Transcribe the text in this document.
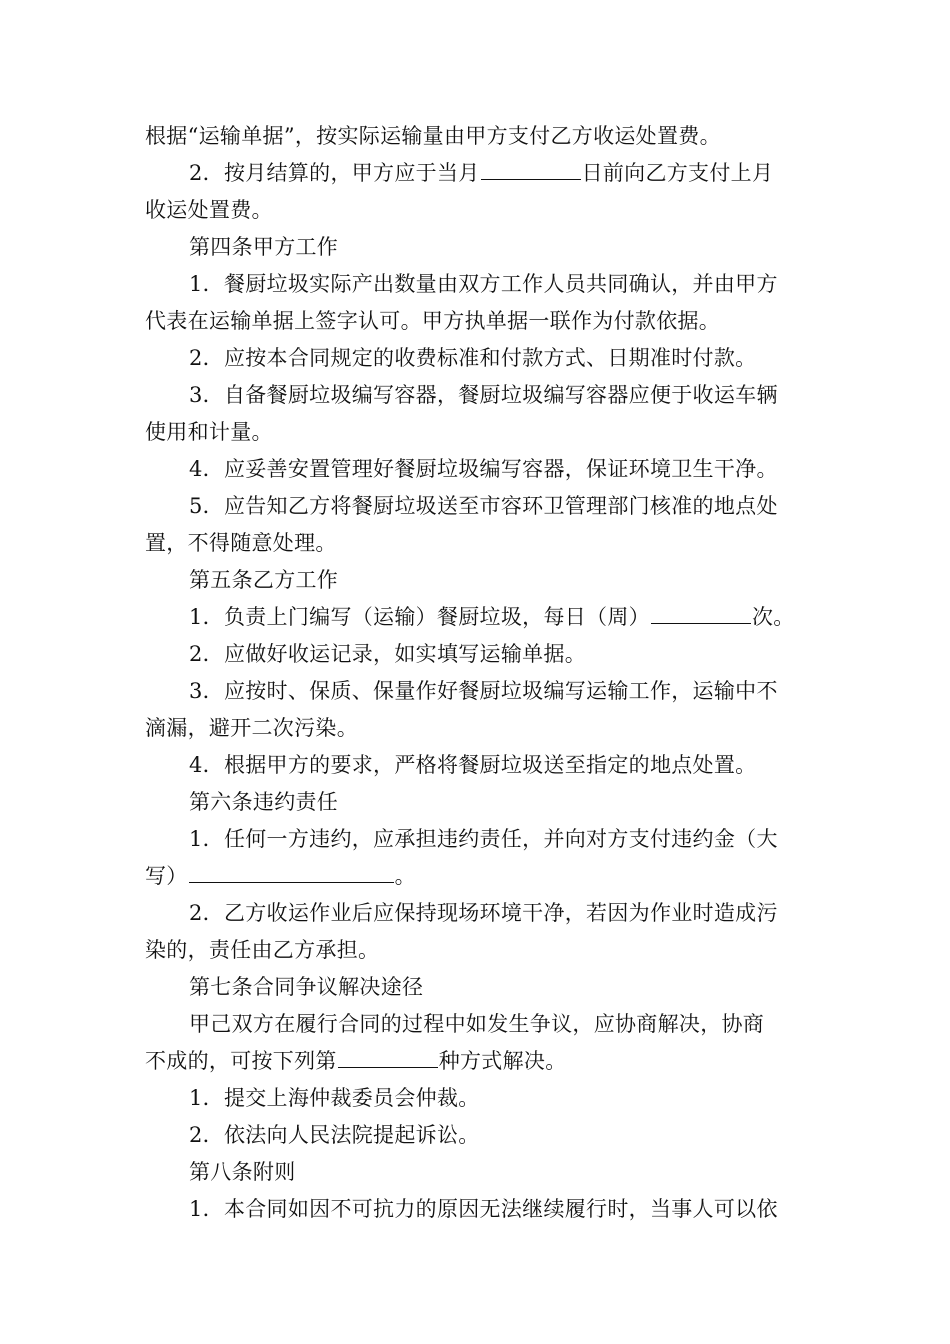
根据“运输单据”，按实际运输量由甲方支付乙方收运处置费。
2．按月结算的，甲方应于当月	日前向乙方支付上月
收运处置费。
第四条甲方工作
1．餐厨垃圾实际产出数量由双方工作人员共同确认，并由甲方
代表在运输单据上签字认可。甲方执单据一联作为付款依据。
2．应按本合同规定的收费标准和付款方式、日期准时付款。
3．自备餐厨垃圾编写容器，餐厨垃圾编写容器应便于收运车辆
使用和计量。
4．应妥善安置管理好餐厨垃圾编写容器，保证环境卫生干净。
5．应告知乙方将餐厨垃圾送至市容环卫管理部门核准的地点处
置，不得随意处理。
第五条乙方工作
1．负责上门编写（运输）餐厨垃圾，每日（周）	次。
2．应做好收运记录，如实填写运输单据。
3．应按时、保质、保量作好餐厨垃圾编写运输工作，运输中不
滴漏，避开二次污染。
4．根据甲方的要求，严格将餐厨垃圾送至指定的地点处置。
第六条违约责任
1．任何一方违约，应承担违约责任，并向对方支付违约金（大
写）	。
2．乙方收运作业后应保持现场环境干净，若因为作业时造成污
染的，责任由乙方承担。
第七条合同争议解决途径
甲己双方在履行合同的过程中如发生争议，应协商解决，协商
不成的，可按下列第	种方式解决。
1．提交上海仲裁委员会仲裁。
2．依法向人民法院提起诉讼。
第八条附则
1．本合同如因不可抗力的原因无法继续履行时，当事人可以依
